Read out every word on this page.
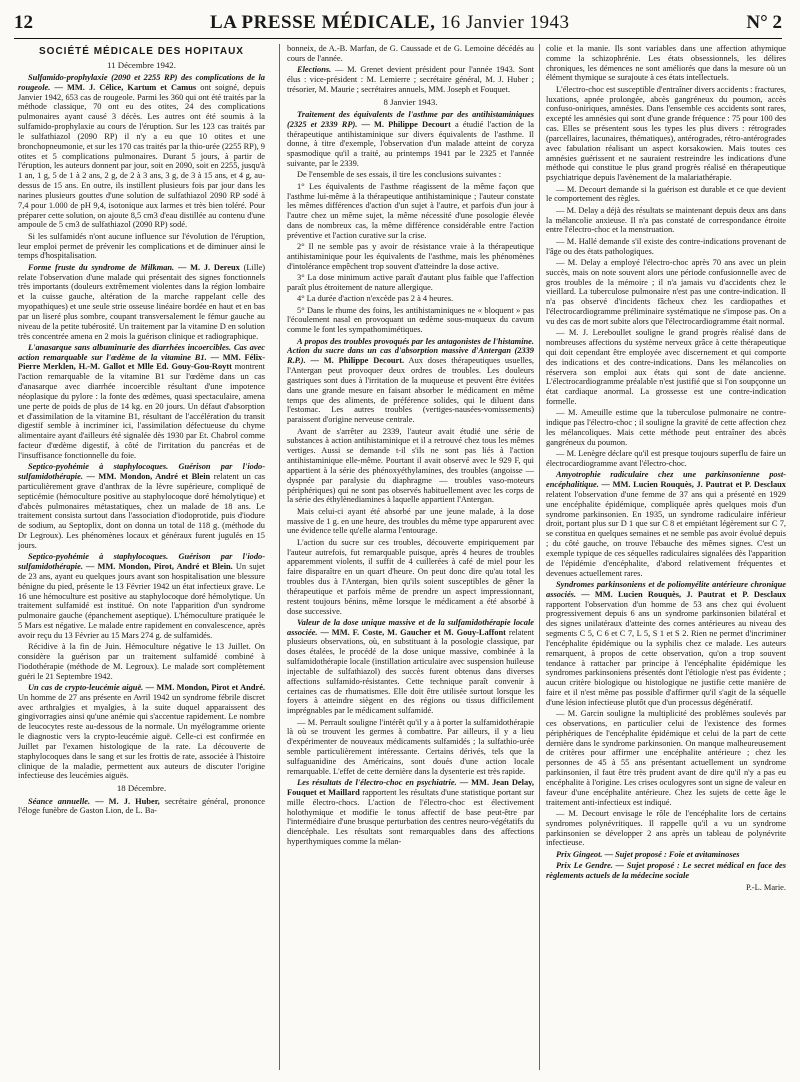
12	LA PRESSE MÉDICALE, 16 Janvier 1943	N° 2
SOCIÉTÉ MÉDICALE DES HOPITAUX
11 Décembre 1942.

Sulfamido-prophylaxie (2090 et 2255 RP) des complications de la rougeole. — MM. J. Célice, Kartum et Camus ont soigné, depuis Janvier 1942, 653 cas de rougeole. Parmi les 360 qui ont été traités par la méthode classique, 70 ont eu des otites, 24 des complications pulmonaires ayant causé 3 décès. Les autres ont été soumis à la sulfamido-prophylaxie au cours de l'éruption. Sur les 123 cas traités par le sulfathiazol (2090 RP) il n'y a eu que 10 otites et une bronchopneumonie, et sur les 170 cas traités par la thio-urée (2255 RP), 9 otites et 5 complications pulmonaires. Durant 5 jours, à partir de l'éruption, les auteurs donnent par jour, soit en 2090, soit en 2255, jusqu'à 1 an, 1 g, 5 de 1 à 2 ans, 2 g, de 2 à 3 ans, 3 g, de 3 à 15 ans, et 4 g, au-dessus de 15 ans. En outre, ils instillent plusieurs fois par jour dans les narines plusieurs gouttes d'une solution de sulfathiazol 2090 RP sodé à 7,4 pour 1.000 de pH 9,4, isotonique aux larmes et très bien toléré. Pour préparer cette solution, on ajoute 8,5 cm3 d'eau distillée au contenu d'une ampoule de 5 cm3 de sulfathiazol (2090 RP) sodé.

Si les sulfamidés n'ont aucune influence sur l'évolution de l'éruption, leur emploi permet de prévenir les complications et de diminuer ainsi le temps d'hospitalisation.

Forme fruste du syndrome de Milkman. — M. J. Dereux (Lille) relate l'observation d'une malade qui présentait des signes fonctionnels très importants (douleurs extrêmement violentes dans la région lombaire et la cuisse gauche, altération de la marche rappelant celle des myopathiques) et une seule strie osseuse linéaire bordée en haut et en bas par un liseré plus sombre, coupant transversalement le fémur gauche au niveau de la petite tubérosité. Un traitement par la vitamine D en solution très concentrée amena en 2 mois la guérison clinique et radiographique.

L'anasarque sans albuminurie des diarrhées incoercibles. Cas avec action remarquable sur l'œdème de la vitamine B1. — MM. Félix-Pierre Merklen, H.-M. Gallot et Mlle Ed. Gouy-Gou-Roytt montrent l'action remarquable de la vitamine B1 sur l'œdème dans un cas d'anasarque avec diarrhée incoercible résultant d'une impotence néoplasique du pylore : la fonte des œdèmes, quasi spectaculaire, amena une perte de poids de plus de 14 kg. en 20 jours. Un défaut d'absorption et d'assimilation de la vitamine B1, résultant de l'accélération du transit digestif semble à incriminer ici, l'assimilation défectueuse du chyme alimentaire ayant d'ailleurs été signalée dès 1930 par Et. Chabrol comme facteur d'œdème digestif, à côté de l'irritation du pancréas et de l'insuffisance fonctionnelle du foie.

Septico-pyohémie à staphylocoques. Guérison par l'iodo-sulfamidothérapie. — MM. Mondon, André et Blein relatent un cas particulièrement grave d'anthrax de la lèvre supérieure, compliqué de septicémie (hémoculture positive au staphylocoque doré hémolytique) et d'abcès pulmonaires métastatiques, chez un malade de 18 ans. Le traitement consista surtout dans l'association d'iodoprotide, puis d'iodure de sodium, au Septoplix, dont on donna un total de 118 g. (méthode du Dr Legroux). Les phénomènes locaux et généraux furent jugulés en 15 jours.

Septico-pyohémie à staphylocoques. Guérison par l'iodo-sulfamidothérapie. — MM. Mondon, Pirot, André et Blein. Un sujet de 23 ans, ayant eu quelques jours avant son hospitalisation une blessure bénigne du pied, présente le 13 Février 1942 un état infectieux grave. Le 16 une hémoculture est positive au staphylocoque doré hémolytique. Un traitement sulfamidé est institué. On note l'apparition d'un syndrome pulmonaire gauche (épanchement aseptique). L'hémoculture pratiquée le 5 Mars est négative. Le malade entre rapidement en convalescence, après avoir reçu du 13 Février au 15 Mars 274 g. de sulfamidés.

Récidive à la fin de Juin. Hémoculture négative le 13 Juillet. On considère la guérison par un traitement sulfamidé combiné à l'iodothérapie (méthode de M. Legroux). Le malade sort complètement guéri le 21 Septembre 1942.

Un cas de crypto-leucémie aiguë. — MM. Mondon, Pirot et André. Un homme de 27 ans présente en Avril 1942 un syndrome fébrile discret avec arthralgies et myalgies, à la suite duquel apparaissent des gingivorragies ainsi qu'une anémie qui s'accentue rapidement. Le nombre de leucocytes reste au-dessous de la normale. Un myélogramme oriente le diagnostic vers la crypto-leucémie aiguë. Celle-ci est confirmée en Juillet par l'examen histologique de la rate. La découverte de staphylocoques dans le sang et sur les frottis de rate, associée à l'histoire clinique de la maladie, permettent aux auteurs de discuter l'origine infectieuse des leucémies aiguës.

18 Décembre.

Séance annuelle. — M. J. Huber, secrétaire général, prononce l'éloge funèbre de Gaston Lion, de L. Ba-

bonneix, de A.-B. Marfan, de G. Caussade et de G. Lemoine décédés au cours de l'année.

Elections. — M. Grenet devient président pour l'année 1943. Sont élus : vice-président : M. Lemierre ; secrétaire général, M. J. Huber ; trésorier, M. Maurie ; secrétaires annuels, MM. Joseph et Fouquet.

8 Janvier 1943.

Traitement des équivalents de l'asthme par des antihistaminiques (2325 et 2339 RP). — M. Philippe Decourt a étudié l'action de la thérapeutique antihistaminique sur divers équivalents de l'asthme. Il donne, à titre d'exemple, l'observation d'un malade atteint de coryza spasmodique qu'il a traité, au printemps 1941 par le 2325 et l'année suivante, par le 2339.

De l'ensemble de ses essais, il tire les conclusions suivantes :

1° Les équivalents de l'asthme réagissent de la même façon que l'asthme lui-même à la thérapeutique antihistaminique ; l'auteur constate les mêmes différences d'action d'un sujet à l'autre, et parfois d'un jour à l'autre chez un même sujet, la même nécessité d'une posologie élevée dans de nombreux cas, la même différence considérable entre l'action préventive et l'action curative sur la crise.

2° Il ne semble pas y avoir de résistance vraie à la thérapeutique antihistaminique pour les équivalents de l'asthme, mais les phénomènes d'intolérance empêchent trop souvent d'atteindre la dose active.

3° La dose minimum active paraît d'autant plus faible que l'affection paraît plus étroitement de nature allergique.

4° La durée d'action n'excède pas 2 à 4 heures.

5° Dans le rhume des foins, les antihistaminiques ne « bloquent » pas l'écoulement nasal en provoquant un œdème sous-muqueux du cavum comme le font les sympathomimétiques.

A propos des troubles provoqués par les antagonistes de l'histamine. Action du sucre dans un cas d'absorption massive d'Antergan (2339 R.P.). — M. Philippe Decourt. Aux doses thérapeutiques usuelles, l'Antergan peut provoquer deux ordres de troubles. Les douleurs gastriques sont dues à l'irritation de la muqueuse et peuvent être évitées dans une grande mesure en faisant absorber le médicament en même temps que des aliments, de préférence solides, qui le diluent dans l'estomac. Les autres troubles (vertiges-nausées-vomissements) paraissent d'origine nerveuse centrale.

Avant de s'arrêter au 2339, l'auteur avait étudié une série de substances à action antihistaminique et il a retrouvé chez tous les mêmes vertiges. Aussi se demande t-il s'ils ne sont pas liés à l'action antihistaminique elle-même. Pourtant il avait observé avec le 929 F, qui appartient à la série des phénoxyéthylamines, des troubles (angoisse — dyspnée par paralysie du diaphragme — troubles vaso-moteurs périphériques) qui ne sont pas observés habituellement avec les corps de la série des éthylènediamines à laquelle appartient l'Antergan.

Mais celui-ci ayant été absorbé par une jeune malade, à la dose massive de 1 g. en une heure, des troubles du même type apparurent avec une évidence telle qu'elle alarma l'entourage.

L'action du sucre sur ces troubles, découverte empiriquement par l'auteur autrefois, fut remarquable puisque, après 4 heures de troubles apparemment violents, il suffit de 4 cuillerées à café de miel pour les faire disparaître en un quart d'heure. On peut donc dire qu'au total les troubles dus à l'Antergan, bien qu'ils soient susceptibles de gêner la thérapeutique et parfois même de prendre un aspect impressionnant, restent toujours bénins, même lorsque le médicament a été absorbé à dose successive.

Valeur de la dose unique massive et de la sulfamidothérapie locale associée. — MM. F. Coste, M. Gaucher et M. Gouy-Laffont relatent plusieurs observations, où, en substituant à la posologie classique, par doses étalées, le procédé de la dose unique massive, combinée à la sulfamidothérapie locale (instillation articulaire avec suspension huileuse injectable de sulfathiazol) des succès furent obtenus dans diverses affections sulfamido-résistantes. Cette technique paraît convenir à certaines cas de rhumatismes. Elle doit être utilisée surtout lorsque les foyers à atteindre siègent en des régions ou tissus difficilement imprégnables par le médicament sulfamidé.

— M. Perrault souligne l'intérêt qu'il y a à porter la sulfamidothérapie là où se trouvent les germes à combattre. Par ailleurs, il y a lieu d'expérimenter de nouveaux médicaments sulfamidés ; la sulfathio-urée semble particulièrement intéressante. Certains dérivés, tels que la sulfaguanidine des Américains, sont doués d'une action locale remarquable. L'effet de cette dernière dans la dysenterie est très rapide.

Les résultats de l'électro-choc en psychiatrie. — MM. Jean Delay, Fouquet et Maillard rapportent les résultats d'une statistique portant sur mille électro-chocs. L'action de l'électro-choc est électivement holothymique et modifie le tonus affectif de base peut-être par l'intermédiaire d'une brusque perturbation des centres neuro-végétatifs du diencéphale. Les résultats sont remarquables dans des affections hyperthymiques comme la mélan-

colie et la manie. Ils sont variables dans une affection athymique comme la schizophrénie. Les états obsessionnels, les délires chroniques, les démences ne sont améliorés que dans la mesure où un élément thymique se surajoute à ces états intellectuels.

L'électro-choc est susceptible d'entraîner divers accidents : fractures, luxations, apnée prolongée, abcès gangréneux du poumon, accès confuso-oniriques, amnésies. Dans l'ensemble ces accidents sont rares, excepté les amnésies qui sont d'une grande fréquence : 75 pour 100 des cas. Elles se présentent sous les types les plus divers : rétrogrades (parcellaires, lacunaires, thématiques), antérogrades, rétro-antérogrades avec fabulation réalisant un aspect korsakowien. Mais toutes ces amnésies guérissent et ne sauraient restreindre les indications d'une méthode qui constitue le plus grand progrès réalisé en thérapeutique psychiatrique depuis l'avènement de la malariathérapie.

— M. Decourt demande si la guérison est durable et ce que devient le comportement des règles.

— M. Delay a déjà des résultats se maintenant depuis deux ans dans la mélancolie anxieuse. Il n'a pas constaté de correspondance étroite entre l'électro-choc et la menstruation.

— M. Hallé demande s'il existe des contre-indications provenant de l'âge ou des états pathologiques.

— M. Delay a employé l'électro-choc après 70 ans avec un plein succès, mais on note souvent alors une période confusionnelle avec de gros troubles de la mémoire ; il n'a jamais vu d'accidents chez le vieillard. La tuberculose pulmonaire n'est pas une contre-indication. Il n'a pas observé d'incidents fâcheux chez les cardiopathes et l'électrocardiogramme préliminaire systématique ne s'impose pas. On a vu des cas de mort subite alors que l'électrocardiogramme était normal.

— M. J. Lereboullet souligne le grand progrès réalisé dans de nombreuses affections du système nerveux grâce à cette thérapeutique qui doit cependant être employée avec discernement et qui comporte des indications et des contre-indications. Dans les mélancolies on réservera son emploi aux états qui sont de date ancienne. L'électrocardiogramme préalable n'est justifié que si l'on soupçonne un état cardiaque anormal. La grossesse est une contre-indication formelle.

— M. Ameuille estime que la tuberculose pulmonaire ne contre-indique pas l'électro-choc ; il souligne la gravité de cette affection chez les mélancoliques. Mais cette méthode peut entraîner des abcès gangréneux du poumon.

— M. Lenègre déclare qu'il est presque toujours superflu de faire un électrocardiogramme avant l'électro-choc.

Amyotrophie radiculaire chez une parkinsonienne post-encéphalitique. — MM. Lucien Rouquès, J. Pautrat et P. Desclaux relatent l'observation d'une femme de 37 ans qui a présenté en 1929 une encéphalite épidémique, compliquée après quelques mois d'un syndrome parkinsonien. En 1935, un syndrome radiculaire inférieur droit, portant plus sur D 1 que sur C 8 et empiétant légèrement sur C 7, se constitua en quelques semaines et ne semble pas avoir évolué depuis ; du côté gauche, on trouve l'ébauche des mêmes signes. C'est un exemple typique de ces séquelles radiculaires signalées dès l'apparition de l'épidémie d'encéphalite, d'abord relativement fréquentes et devenues actuellement rares.

Syndromes parkinsoniens et de poliomyélite antérieure chronique associés. — MM. Lucien Rouquès, J. Pautrat et P. Desclaux rapportent l'observation d'un homme de 53 ans chez qui évoluent progressivement depuis 6 ans un syndrome parkinsonien bilatéral et des signes unilatéraux d'atteinte des cornes antérieures au niveau des segments C 5, C 6 et C 7, L 5, S 1 et S 2. Rien ne permet d'incriminer l'encéphalite épidémique ou la syphilis chez ce malade. Les auteurs remarquent, à propos de cette observation, qu'on a trop souvent tendance à rattacher par principe à l'encéphalite épidémique les syndromes parkinsoniens présentés dont l'étiologie n'est pas évidente ; aucun critère biologique ou histologique ne justifie cette manière de faire et il n'est même pas possible d'affirmer qu'il s'agit de la séquelle d'une lésion infectieuse plutôt que d'un processus dégénératif.

— M. Garcin souligne la multiplicité des problèmes soulevés par ces observations, en particulier celui de l'existence des formes périphériques de l'encéphalite épidémique et celui de la part de cette dernière dans le syndrome parkinsonien. On manque malheureusement de critères pour affirmer une encéphalite antérieure ; chez les personnes de 45 à 55 ans présentant actuellement un syndrome parkinsonien, il faut être très prudent avant de dire qu'il n'y a pas eu encéphalite à l'origine. Les crises oculogyres sont un signe de valeur en faveur d'une encéphalite antérieure. Chez les sujets de cette âge le traitement anti-infectieux est indiqué.

— M. Decourt envisage le rôle de l'encéphalite lors de certains syndromes polynévritiques. Il rappelle qu'il a vu un syndrome parkinsonien se développer 2 ans après un tableau de polynévrite infectieuse.

Prix Gingeot. — Sujet proposé : Foie et avitaminoses

Prix Le Gendre. — Sujet proposé : Le secret médical en face des règlements actuels de la médecine sociale

P.-L. Marie.
